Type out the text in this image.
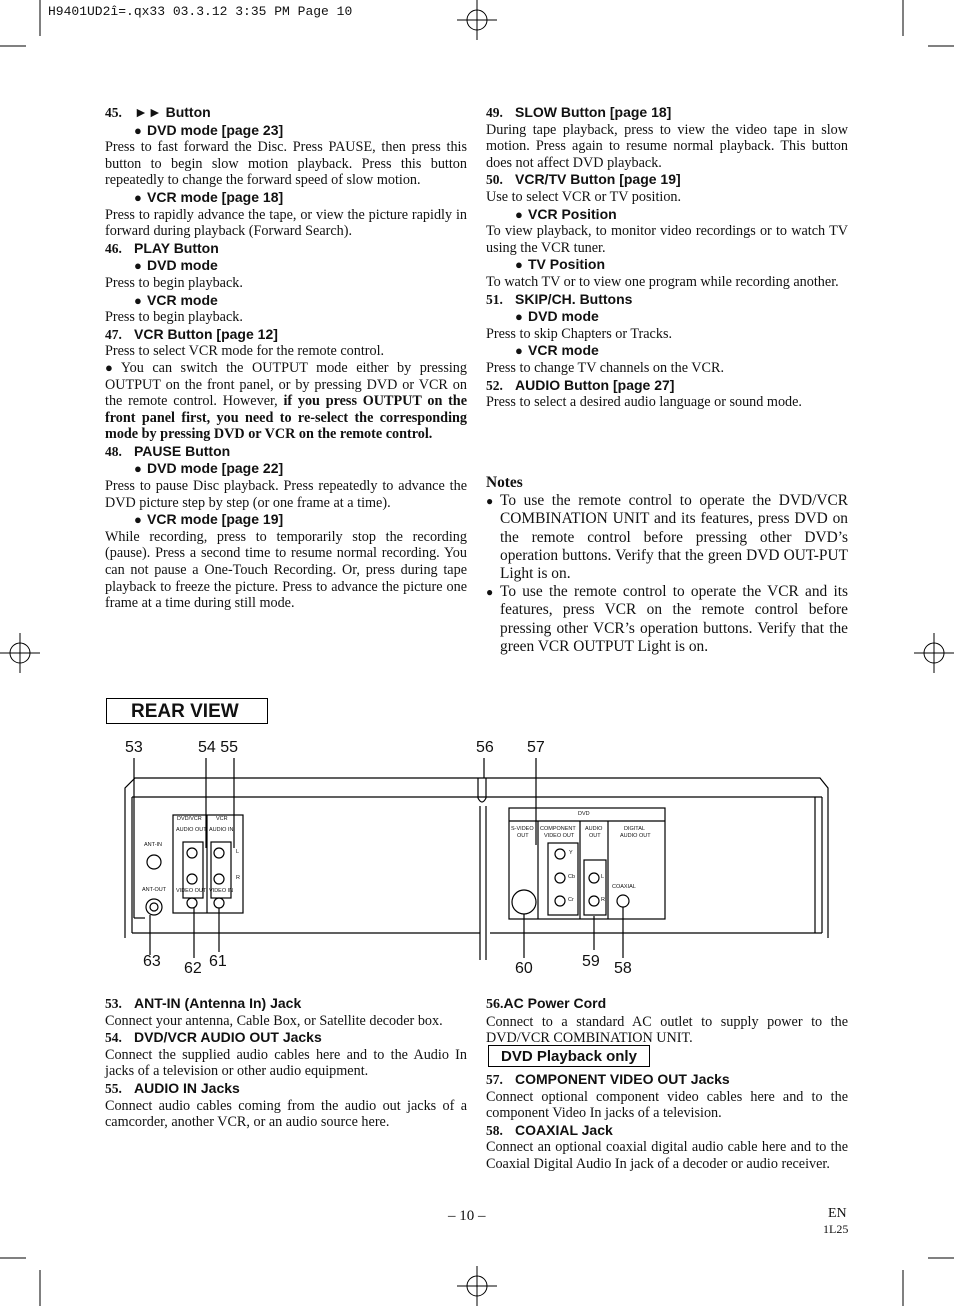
H9401UD2î=.qx33 03.3.12 3:35 PM Page 10
45. ►► Button
● DVD mode [page 23]

Press to fast forward the Disc. Press PAUSE, then press this button to begin slow motion playback. Press this button repeatedly to change the forward speed of slow motion.

● VCR mode [page 18]

Press to rapidly advance the tape, or view the picture rapidly in forward during playback (Forward Search).

46. PLAY Button
● DVD mode

Press to begin playback.

● VCR mode

Press to begin playback.

47. VCR Button [page 12]

Press to select VCR mode for the remote control.

● You can switch the OUTPUT mode either by pressing OUTPUT on the front panel, or by pressing DVD or VCR on the remote control. However, if you press OUTPUT on the front panel first, you need to re-select the corresponding mode by pressing DVD or VCR on the remote control.

48. PAUSE Button
● DVD mode [page 22]

Press to pause Disc playback. Press repeatedly to advance the DVD picture step by step (or one frame at a time).

● VCR mode [page 19]

While recording, press to temporarily stop the recording (pause). Press a second time to resume normal recording. You can not pause a One-Touch Recording. Or, press during tape playback to freeze the picture. Press to advance the picture one frame at a time during still mode.

49. SLOW Button [page 18]

During tape playback, press to view the video tape in slow motion. Press again to resume normal playback. This button does not affect DVD playback.

50. VCR/TV Button [page 19]

Use to select VCR or TV position.

● VCR Position

To view playback, to monitor video recordings or to watch TV using the VCR tuner.

● TV Position

To watch TV or to view one program while recording another.

51. SKIP/CH. Buttons
● DVD mode

Press to skip Chapters or Tracks.

● VCR mode

Press to change TV channels on the VCR.

52. AUDIO Button [page 27]

Press to select a desired audio language or sound mode.

Notes
● To use the remote control to operate the DVD/VCR COMBINATION UNIT and its features, press DVD on the remote control before pressing other DVD’s operation buttons. Verify that the green DVD OUT-PUT Light is on.
● To use the remote control to operate the VCR and its features, press VCR on the remote control before pressing other VCR’s operation buttons. Verify that the green VCR OUTPUT Light is on.
REAR VIEW
53	54 55	56 57
63 62 61	60	59 58
DVD/VCR	VCR
AUDIO OUT AUDIO IN
VIDEO OUT VIDEO IN
L
R
ANT-IN
ANT-OUT
DVD
S-VIDEO
OUT
COMPONENT
VIDEO OUT
AUDIO
OUT
DIGITAL
AUDIO OUT
Y
Cb
Cr
L
R
COAXIAL
53. ANT-IN (Antenna In) Jack

Connect your antenna, Cable Box, or Satellite decoder box.

54. DVD/VCR AUDIO OUT Jacks

Connect the supplied audio cables here and to the Audio In jacks of a television or other audio equipment.

55. AUDIO IN Jacks

Connect audio cables coming from the audio out jacks of a camcorder, another VCR, or an audio source here.

56.AC Power Cord

Connect to a standard AC outlet to supply power to the DVD/VCR COMBINATION UNIT.

DVD Playback only
57. COMPONENT VIDEO OUT Jacks

Connect optional component video cables here and to the component Video In jacks of a television.

58. COAXIAL Jack

Connect an optional coaxial digital audio cable here and to the Coaxial Digital Audio In jack of a decoder or audio receiver.

– 10 –	EN
1L25
